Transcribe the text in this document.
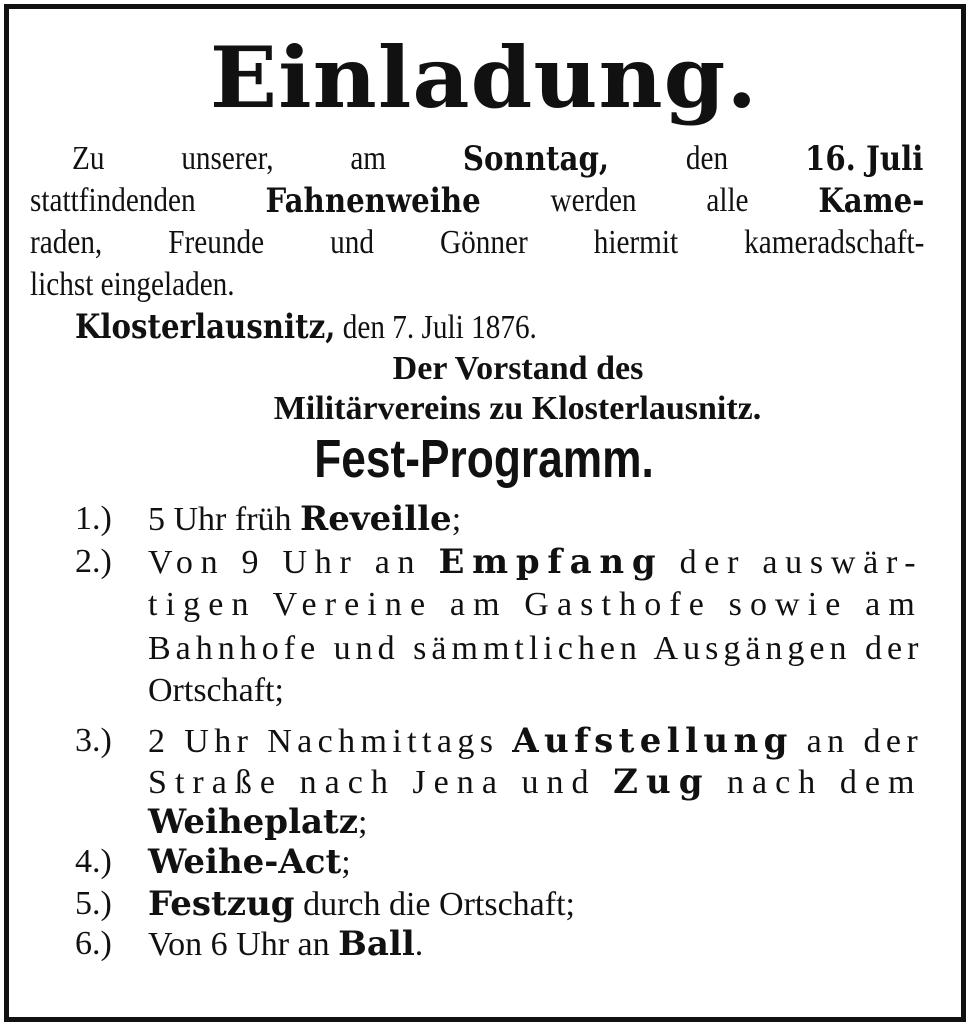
Einladung.
Zu unserer, am Sonntag, den 16. Juli
stattfindenden Fahnenweihe werden alle Kame-
raden, Freunde und Gönner hiermit kameradschaft-
lichst eingeladen.
Klosterlausnitz, den 7. Juli 1876.
Der Vorstand des
Militärvereins zu Klosterlausnitz.
Fest-Programm.
1.) 5 Uhr früh Reveille;
2.) Von 9 Uhr an Empfang der auswär-
tigen Vereine am Gasthofe sowie am
Bahnhofe und sämmtlichen Ausgängen der
Ortschaft;
3.) 2 Uhr Nachmittags Aufstellung an der
Straße nach Jena und Zug nach dem
Weiheplatz;
4.) Weihe-Act;
5.) Festzug durch die Ortschaft;
6.) Von 6 Uhr an Ball.
